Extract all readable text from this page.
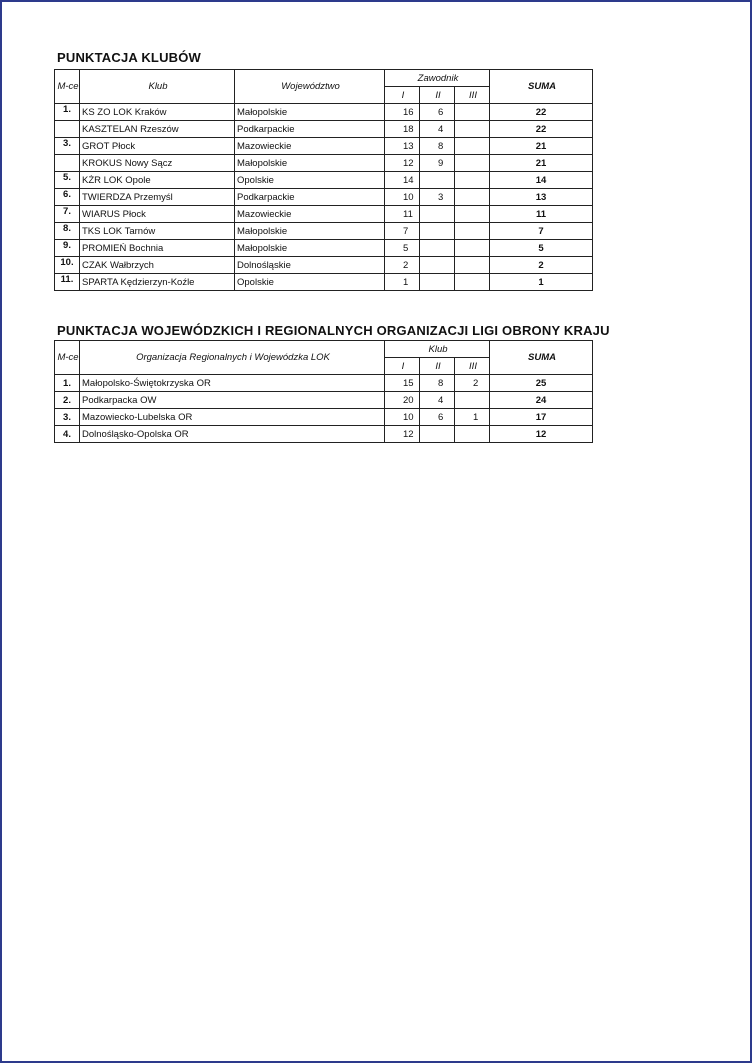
PUNKTACJA KLUBÓW
M-ce	Klub	Województwo	Zawodnik			SUMA
			I	II	III	
1.	KS ZO LOK Kraków	Małopolskie	16	6		22
	KASZTELAN Rzeszów	Podkarpackie	18	4		22
3.	GROT Płock	Mazowieckie	13	8		21
	KROKUS Nowy Sącz	Małopolskie	12	9		21
5.	KŻR LOK Opole	Opolskie	14			14
6.	TWIERDZA Przemyśl	Podkarpackie	10	3		13
7.	WIARUS Płock	Mazowieckie	11			11
8.	TKS LOK Tarnów	Małopolskie	7			7
9.	PROMIEŃ Bochnia	Małopolskie	5			5
10.	CZAK Wałbrzych	Dolnośląskie	2			2
11.	SPARTA Kędzierzyn-Koźle	Opolskie	1			1
PUNKTACJA WOJEWÓDZKICH I REGIONALNYCH ORGANIZACJI LIGI OBRONY KRAJU
M-ce	Organizacja Regionalnych i Wojewódzka LOK	Klub			SUMA
		I	II	III	
1.	Małopolsko-Świętokrzyska OR	15	8	2	25
2.	Podkarpacka OW	20	4		24
3.	Mazowiecko-Lubelska OR	10	6	1	17
4.	Dolnośląsko-Opolska OR	12			12
